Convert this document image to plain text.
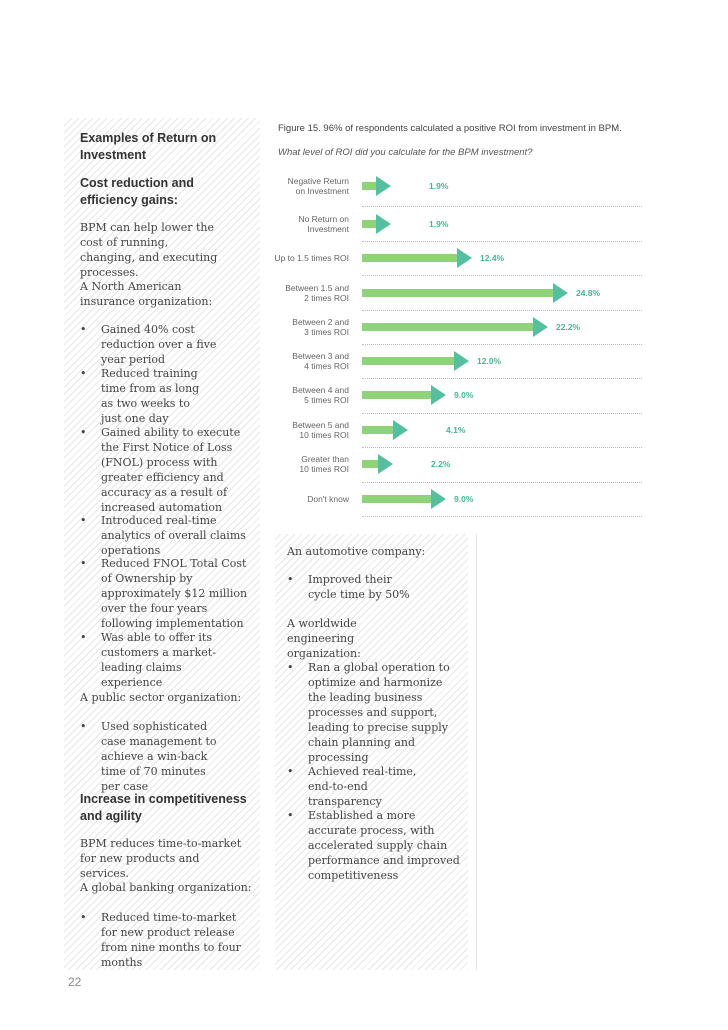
Examples of Return on Investment
Cost reduction and efficiency gains:
BPM can help lower the cost of running, changing, and executing processes.
A North American insurance organization:
• Gained 40% cost reduction over a five year period
• Reduced training time from as long as two weeks to just one day
• Gained ability to execute the First Notice of Loss (FNOL) process with greater efficiency and accuracy as a result of increased automation
• Introduced real-time analytics of overall claims operations
• Reduced FNOL Total Cost of Ownership by approximately $12 million over the four years following implementation
• Was able to offer its customers a market-leading claims experience
A public sector organization:
• Used sophisticated case management to achieve a win-back time of 70 minutes per case
Increase in competitiveness and agility
BPM reduces time-to-market for new products and services.
A global banking organization:
• Reduced time-to-market for new product release from nine months to four months
Figure 15. 96% of respondents calculated a positive ROI from investment in BPM.
What level of ROI did you calculate for the BPM investment?
Negative Return
on Investment	1.9%
No Return on
Investment	1.9%
Up to 1.5 times ROI	12.4%
Between 1.5 and
2 times ROI	24.8%
Between 2 and
3 times ROI	22.2%
Between 3 and
4 times ROI	12.0%
Between 4 and
5 times ROI	9.0%
Between 5 and
10 times ROI	4.1%
Greater than
10 times ROI	2.2%
Don't know	9.0%
An automotive company:
• Improved their cycle time by 50%
A worldwide engineering organization:
• Ran a global operation to optimize and harmonize the leading business processes and support, leading to precise supply chain planning and processing
• Achieved real-time, end-to-end transparency
• Established a more accurate process, with accelerated supply chain performance and improved competitiveness
22
